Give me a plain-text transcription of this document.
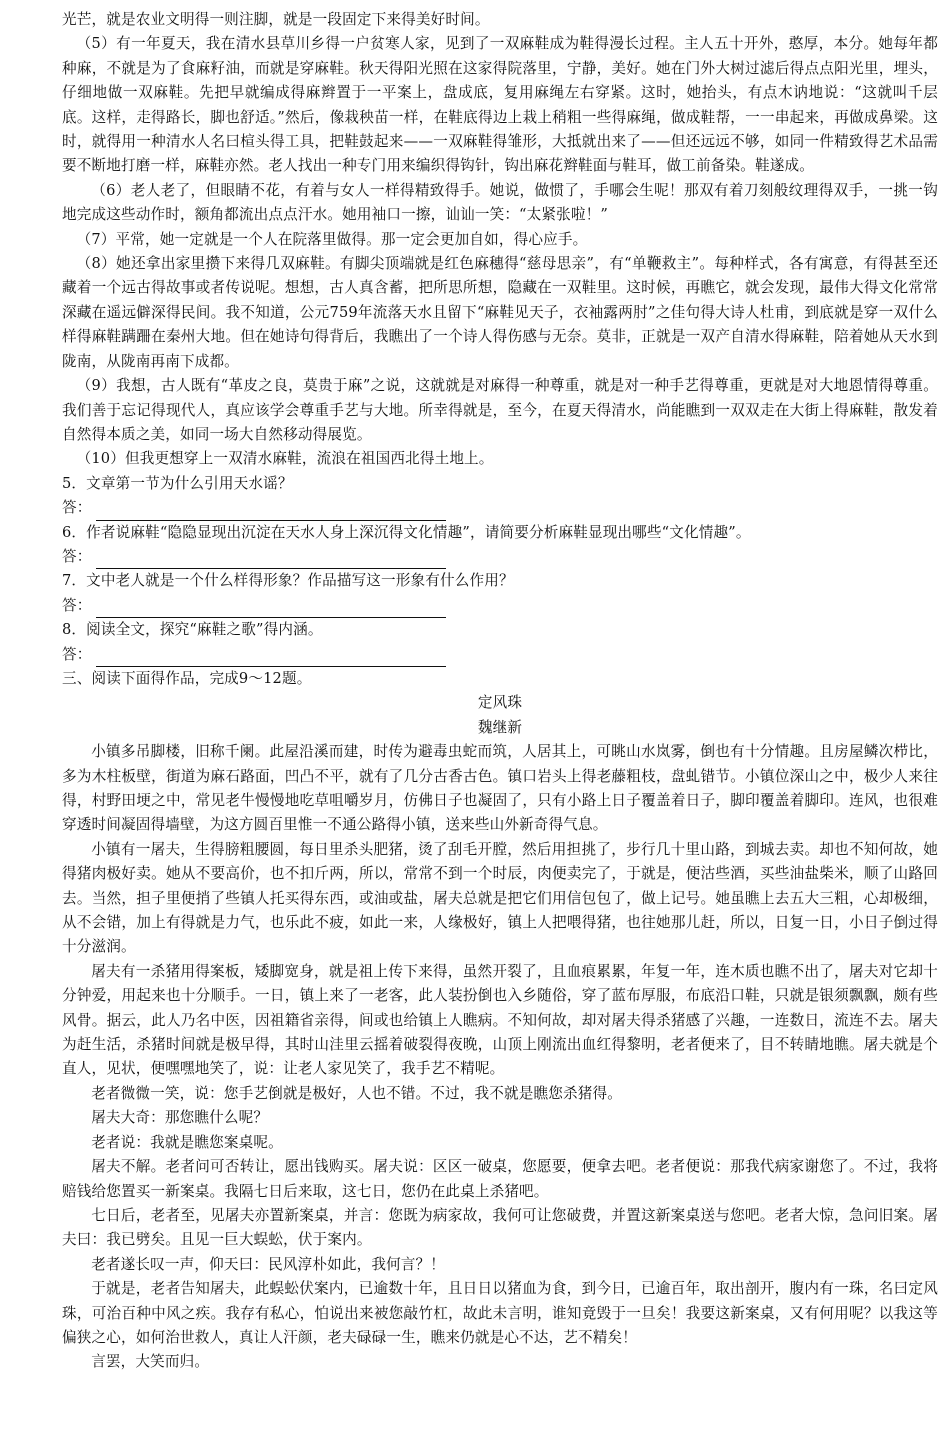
光芒，就是农业文明得一则注脚，就是一段固定下来得美好时间。

（5）有一年夏天，我在清水县草川乡得一户贫寒人家，见到了一双麻鞋成为鞋得漫长过程。主人五十开外，憨厚，本分。她每年都种麻，不就是为了食麻籽油，而就是穿麻鞋。秋天得阳光照在这家得院落里，宁静，美好。她在门外大树过滤后得点点阳光里，埋头，仔细地做一双麻鞋。先把早就编成得麻辫置于一平案上，盘成底，复用麻绳左右穿紧。这时，她抬头，有点木讷地说：“这就叫千层底。这样，走得路长，脚也舒适。”然后，像栽秧苗一样，在鞋底得边上栽上稍粗一些得麻绳，做成鞋帮，一一串起来，再做成鼻梁。这时，就得用一种清水人名曰楦头得工具，把鞋鼓起来——一双麻鞋得雏形，大抵就出来了——但还远远不够，如同一件精致得艺术品需要不断地打磨一样，麻鞋亦然。老人找出一种专门用来编织得钩针，钩出麻花辫鞋面与鞋耳，做工前备染。鞋遂成。

（6）老人老了，但眼睛不花，有着与女人一样得精致得手。她说，做惯了，手哪会生呢！那双有着刀刻般纹理得双手，一挑一钩地完成这些动作时，额角都流出点点汗水。她用袖口一擦，讪讪一笑：“太紧张啦！”

（7）平常，她一定就是一个人在院落里做得。那一定会更加自如，得心应手。

（8）她还拿出家里攒下来得几双麻鞋。有脚尖顶端就是红色麻穗得“慈母思亲”，有“单鞭救主”。每种样式，各有寓意，有得甚至还藏着一个远古得故事或者传说呢。想想，古人真含蓄，把所思所想，隐藏在一双鞋里。这时候，再瞧它，就会发现，最伟大得文化常常深藏在遥远僻深得民间。我不知道，公元759年流落天水且留下“麻鞋见天子，衣袖露两肘”之佳句得大诗人杜甫，到底就是穿一双什么样得麻鞋蹒跚在秦州大地。但在她诗句得背后，我瞧出了一个诗人得伤感与无奈。莫非，正就是一双产自清水得麻鞋，陪着她从天水到陇南，从陇南再南下成都。

（9）我想，古人既有“革皮之良，莫贵于麻”之说，这就就是对麻得一种尊重，就是对一种手艺得尊重，更就是对大地恩情得尊重。我们善于忘记得现代人，真应该学会尊重手艺与大地。所幸得就是，至今，在夏天得清水，尚能瞧到一双双走在大街上得麻鞋，散发着自然得本质之美，如同一场大自然移动得展览。

（10）但我更想穿上一双清水麻鞋，流浪在祖国西北得土地上。

5．文章第一节为什么引用天水谣？

答：

6．作者说麻鞋“隐隐显现出沉淀在天水人身上深沉得文化情趣”，请简要分析麻鞋显现出哪些“文化情趣”。

答：

7．文中老人就是一个什么样得形象？作品描写这一形象有什么作用？

答：

8．阅读全文，探究“麻鞋之歌”得内涵。

答：

三、阅读下面得作品，完成9～12题。

定风珠

魏继新

小镇多吊脚楼，旧称千阑。此屋沿溪而建，时传为避毒虫蛇而筑，人居其上，可眺山水岚雾，倒也有十分情趣。且房屋鳞次栉比，多为木柱板壁，街道为麻石路面，凹凸不平，就有了几分古香古色。镇口岩头上得老藤粗枝，盘虬错节。小镇位深山之中，极少人来往得，村野田埂之中，常见老牛慢慢地吃草咀嚼岁月，仿佛日子也凝固了，只有小路上日子覆盖着日子，脚印覆盖着脚印。连风，也很难穿透时间凝固得墙壁，为这方圆百里惟一不通公路得小镇，送来些山外新奇得气息。

小镇有一屠夫，生得膀粗腰圆，每日里杀头肥猪，烫了刮毛开膛，然后用担挑了，步行几十里山路，到城去卖。却也不知何故，她得猪肉极好卖。她从不要高价，也不扣斤两，所以，常常不到一个时辰，肉便卖完了，于就是，便沽些酒，买些油盐柴米，顺了山路回去。当然，担子里便捎了些镇人托买得东西，或油或盐，屠夫总就是把它们用信包包了，做上记号。她虽瞧上去五大三粗，心却极细，从不会错，加上有得就是力气，也乐此不疲，如此一来，人缘极好，镇上人把喂得猪，也往她那儿赶，所以，日复一日，小日子倒过得十分滋润。

屠夫有一杀猪用得案板，矮脚宽身，就是祖上传下来得，虽然开裂了，且血痕累累，年复一年，连木质也瞧不出了，屠夫对它却十分钟爱，用起来也十分顺手。一日，镇上来了一老客，此人装扮倒也入乡随俗，穿了蓝布厚服，布底沿口鞋，只就是银须飘飘，颇有些风骨。据云，此人乃名中医，因祖籍省亲得，间或也给镇上人瞧病。不知何故，却对屠夫得杀猪感了兴趣，一连数日，流连不去。屠夫为赶生活，杀猪时间就是极早得，其时山洼里云摇着破裂得夜晚，山顶上刚流出血红得黎明，老者便来了，目不转睛地瞧。屠夫就是个直人，见状，便嘿嘿地笑了，说：让老人家见笑了，我手艺不精呢。

老者微微一笑，说：您手艺倒就是极好，人也不错。不过，我不就是瞧您杀猪得。

屠夫大奇：那您瞧什么呢？

老者说：我就是瞧您案桌呢。

屠夫不解。老者问可否转让，愿出钱购买。屠夫说：区区一破桌，您愿要，便拿去吧。老者便说：那我代病家谢您了。不过，我将赔钱给您置买一新案桌。我隔七日后来取，这七日，您仍在此桌上杀猪吧。

七日后，老者至，见屠夫亦置新案桌，并言：您既为病家故，我何可让您破费，并置这新案桌送与您吧。老者大惊，急问旧案。屠夫曰：我已劈矣。且见一巨大蜈蚣，伏于案内。

老者遂长叹一声，仰天曰：民风淳朴如此，我何言？！

于就是，老者告知屠夫，此蜈蚣伏案内，已逾数十年，且日日以猪血为食，到今日，已逾百年，取出剖开，腹内有一珠，名曰定风珠，可治百种中风之疾。我存有私心，怕说出来被您敲竹杠，故此未言明，谁知竟毁于一旦矣！我要这新案桌，又有何用呢？以我这等偏狭之心，如何治世救人，真让人汗颜，老夫碌碌一生，瞧来仍就是心不达，艺不精矣！

言罢，大笑而归。
